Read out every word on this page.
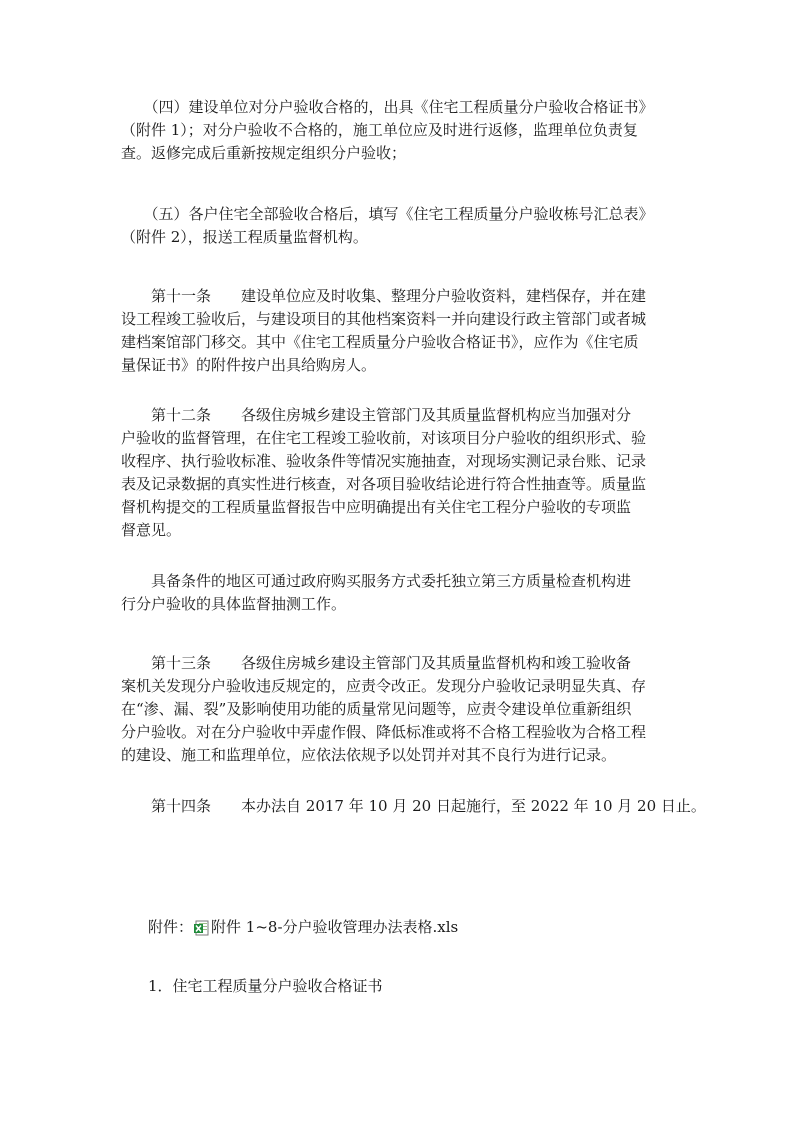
　　（四）建设单位对分户验收合格的，出具《住宅工程质量分户验收合格证书》
（附件 1）；对分户验收不合格的，施工单位应及时进行返修，监理单位负责复
查。返修完成后重新按规定组织分户验收；
　　（五）各户住宅全部验收合格后，填写《住宅工程质量分户验收栋号汇总表》
（附件 2），报送工程质量监督机构。
　　第十一条　　建设单位应及时收集、整理分户验收资料，建档保存，并在建
设工程竣工验收后，与建设项目的其他档案资料一并向建设行政主管部门或者城
建档案馆部门移交。其中《住宅工程质量分户验收合格证书》，应作为《住宅质
量保证书》的附件按户出具给购房人。
　　第十二条　　各级住房城乡建设主管部门及其质量监督机构应当加强对分
户验收的监督管理，在住宅工程竣工验收前，对该项目分户验收的组织形式、验
收程序、执行验收标准、验收条件等情况实施抽查，对现场实测记录台账、记录
表及记录数据的真实性进行核查，对各项目验收结论进行符合性抽查等。质量监
督机构提交的工程质量监督报告中应明确提出有关住宅工程分户验收的专项监
督意见。
　　具备条件的地区可通过政府购买服务方式委托独立第三方质量检查机构进
行分户验收的具体监督抽测工作。
　　第十三条　　各级住房城乡建设主管部门及其质量监督机构和竣工验收备
案机关发现分户验收违反规定的，应责令改正。发现分户验收记录明显失真、存
在“渗、漏、裂”及影响使用功能的质量常见问题等，应责令建设单位重新组织
分户验收。对在分户验收中弄虚作假、降低标准或将不合格工程验收为合格工程
的建设、施工和监理单位，应依法依规予以处罚并对其不良行为进行记录。
　　第十四条　　本办法自 2017 年 10 月 20 日起施行，至 2022 年 10 月 20 日止。
附件： 附件 1~8-分户验收管理办法表格.xls
1．住宅工程质量分户验收合格证书
